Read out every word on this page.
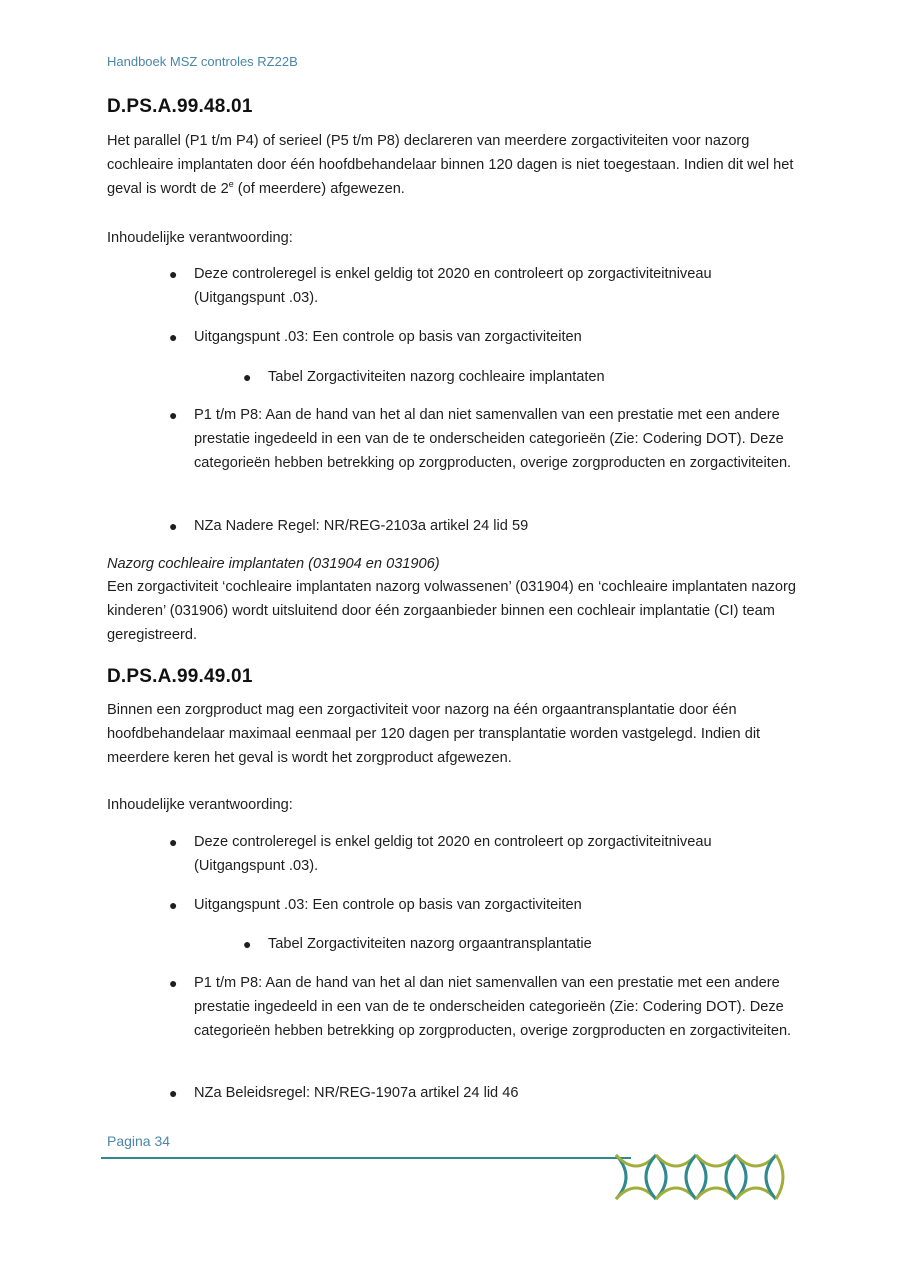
Handboek MSZ controles RZ22B
D.PS.A.99.48.01

Het parallel (P1 t/m P4) of serieel (P5 t/m P8) declareren van meerdere zorgactiviteiten voor nazorg cochleaire implantaten door één hoofdbehandelaar binnen 120 dagen is niet toegestaan. Indien dit wel het geval is wordt de 2e (of meerdere) afgewezen.

Inhoudelijke verantwoording:
● Deze controleregel is enkel geldig tot 2020 en controleert op zorgactiviteitniveau (Uitgangspunt .03).
● Uitgangspunt .03: Een controle op basis van zorgactiviteiten
● Tabel Zorgactiviteiten nazorg cochleaire implantaten
● P1 t/m P8: Aan de hand van het al dan niet samenvallen van een prestatie met een andere prestatie ingedeeld in een van de te onderscheiden categorieën (Zie: Codering DOT). Deze categorieën hebben betrekking op zorgproducten, overige zorgproducten en zorgactiviteiten.
● NZa Nadere Regel: NR/REG-2103a artikel 24 lid 59
Nazorg cochleaire implantaten (031904 en 031906)
Een zorgactiviteit ‘cochleaire implantaten nazorg volwassenen’ (031904) en ‘cochleaire implantaten nazorg kinderen’ (031906) wordt uitsluitend door één zorgaanbieder binnen een cochleair implantatie (CI) team geregistreerd.
D.PS.A.99.49.01
Binnen een zorgproduct mag een zorgactiviteit voor nazorg na één orgaantransplantatie door één hoofdbehandelaar maximaal eenmaal per 120 dagen per transplantatie worden vastgelegd. Indien dit meerdere keren het geval is wordt het zorgproduct afgewezen.
Inhoudelijke verantwoording:
● Deze controleregel is enkel geldig tot 2020 en controleert op zorgactiviteitniveau (Uitgangspunt .03).
● Uitgangspunt .03: Een controle op basis van zorgactiviteiten
● Tabel Zorgactiviteiten nazorg orgaantransplantatie
● P1 t/m P8: Aan de hand van het al dan niet samenvallen van een prestatie met een andere prestatie ingedeeld in een van de te onderscheiden categorieën (Zie: Codering DOT). Deze categorieën hebben betrekking op zorgproducten, overige zorgproducten en zorgactiviteiten.
● NZa Beleidsregel: NR/REG-1907a artikel 24 lid 46
Pagina 34
